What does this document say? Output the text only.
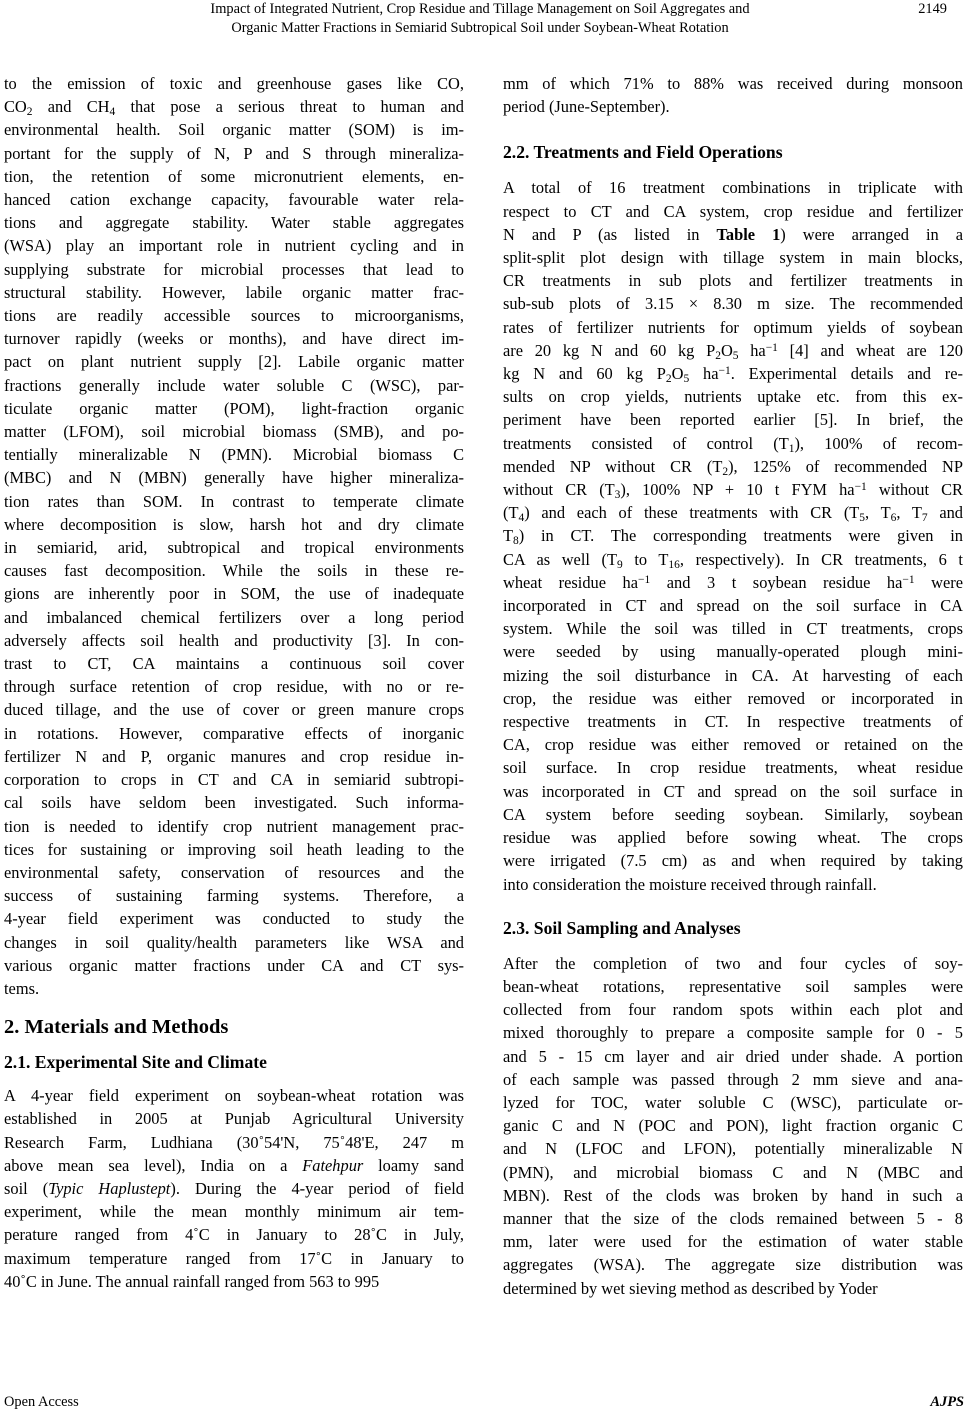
Impact of Integrated Nutrient, Crop Residue and Tillage Management on Soil Aggregates and
Organic Matter Fractions in Semiarid Subtropical Soil under Soybean-Wheat Rotation
2149

to the emission of toxic and greenhouse gases like CO,
$CO_2$ and $CH_4$ that pose a serious threat to human and
environmental health. Soil organic matter (SOM) is im-
portant for the supply of N, P and S through mineraliza-
tion, the retention of some micronutrient elements, en-
hanced cation exchange capacity, favourable water rela-
tions and aggregate stability. Water stable aggregates
(WSA) play an important role in nutrient cycling and in
supplying substrate for microbial processes that lead to
structural stability. However, labile organic matter frac-
tions are readily accessible sources to microorganisms,
turnover rapidly (weeks or months), and have direct im-
pact on plant nutrient supply [2]. Labile organic matter
fractions generally include water soluble C (WSC), par-
ticulate organic matter (POM), light-fraction organic
matter (LFOM), soil microbial biomass (SMB), and po-
tentially mineralizable N (PMN). Microbial biomass C
(MBC) and N (MBN) generally have higher mineraliza-
tion rates than SOM. In contrast to temperate climate
where decomposition is slow, harsh hot and dry climate
in semiarid, arid, subtropical and tropical environments
causes fast decomposition. While the soils in these re-
gions are inherently poor in SOM, the use of inadequate
and imbalanced chemical fertilizers over a long period
adversely affects soil health and productivity [3]. In con-
trast to CT, CA maintains a continuous soil cover
through surface retention of crop residue, with no or re-
duced tillage, and the use of cover or green manure crops
in rotations. However, comparative effects of inorganic
fertilizer N and P, organic manures and crop residue in-
corporation to crops in CT and CA in semiarid subtropi-
cal soils have seldom been investigated. Such informa-
tion is needed to identify crop nutrient management prac-
tices for sustaining or improving soil heath leading to the
environmental safety, conservation of resources and the
success of sustaining farming systems. Therefore, a
4-year field experiment was conducted to study the
changes in soil quality/health parameters like WSA and
various organic matter fractions under CA and CT sys-
tems.

2. Materials and Methods
2.1. Experimental Site and Climate

A 4-year field experiment on soybean-wheat rotation was
established in 2005 at Punjab Agricultural University
Research Farm, Ludhiana (30˚54'N, 75˚48'E, 247 m
above mean sea level), India on a Fatehpur loamy sand
soil (Typic Haplustept). During the 4-year period of field
experiment, while the mean monthly minimum air tem-
perature ranged from 4˚C in January to 28˚C in July,
maximum temperature ranged from 17˚C in January to
40˚C in June. The annual rainfall ranged from 563 to 995

mm of which 71% to 88% was received during monsoon
period (June-September).

2.2. Treatments and Field Operations

A total of 16 treatment combinations in triplicate with
respect to CT and CA system, crop residue and fertilizer
N and P (as listed in Table 1) were arranged in a
split-split plot design with tillage system in main blocks,
CR treatments in sub plots and fertilizer treatments in
sub-sub plots of 3.15 × 8.30 m size. The recommended
rates of fertilizer nutrients for optimum yields of soybean
are 20 kg N and 60 kg $P_2O_5$ $ha^{-1}$ [4] and wheat are 120
kg N and 60 kg $P_2O_5$ $ha^{-1}$. Experimental details and re-
sults on crop yields, nutrients uptake etc. from this ex-
periment have been reported earlier [5]. In brief, the
treatments consisted of control $(T_1)$, 100% of recom-
mended NP without CR $(T_2)$, 125% of recommended NP
without CR $(T_3)$, 100% NP + 10 t FYM $ha^{-1}$ without CR
$(T_4)$ and each of these treatments with CR ($T_5$, $T_6$, $T_7$ and
$T_8$) in CT. The corresponding treatments were given in
CA as well ($T_9$ to $T_{16}$, respectively). In CR treatments, 6 t
wheat residue $ha^{-1}$ and 3 t soybean residue $ha^{-1}$ were
incorporated in CT and spread on the soil surface in CA
system. While the soil was tilled in CT treatments, crops
were seeded by using manually-operated plough mini-
mizing the soil disturbance in CA. At harvesting of each
crop, the residue was either removed or incorporated in
respective treatments in CT. In respective treatments of
CA, crop residue was either removed or retained on the
soil surface. In crop residue treatments, wheat residue
was incorporated in CT and spread on the soil surface in
CA system before seeding soybean. Similarly, soybean
residue was applied before sowing wheat. The crops
were irrigated (7.5 cm) as and when required by taking
into consideration the moisture received through rainfall.

2.3. Soil Sampling and Analyses

After the completion of two and four cycles of soy-
bean-wheat rotations, representative soil samples were
collected from four random spots within each plot and
mixed thoroughly to prepare a composite sample for 0 - 5
and 5 - 15 cm layer and air dried under shade. A portion
of each sample was passed through 2 mm sieve and ana-
lyzed for TOC, water soluble C (WSC), particulate or-
ganic C and N (POC and PON), light fraction organic C
and N (LFOC and LFON), potentially mineralizable N
(PMN), and microbial biomass C and N (MBC and
MBN). Rest of the clods was broken by hand in such a
manner that the size of the clods remained between 5 - 8
mm, later were used for the estimation of water stable
aggregates (WSA). The aggregate size distribution was
determined by wet sieving method as described by Yoder

Open Access	AJPS
